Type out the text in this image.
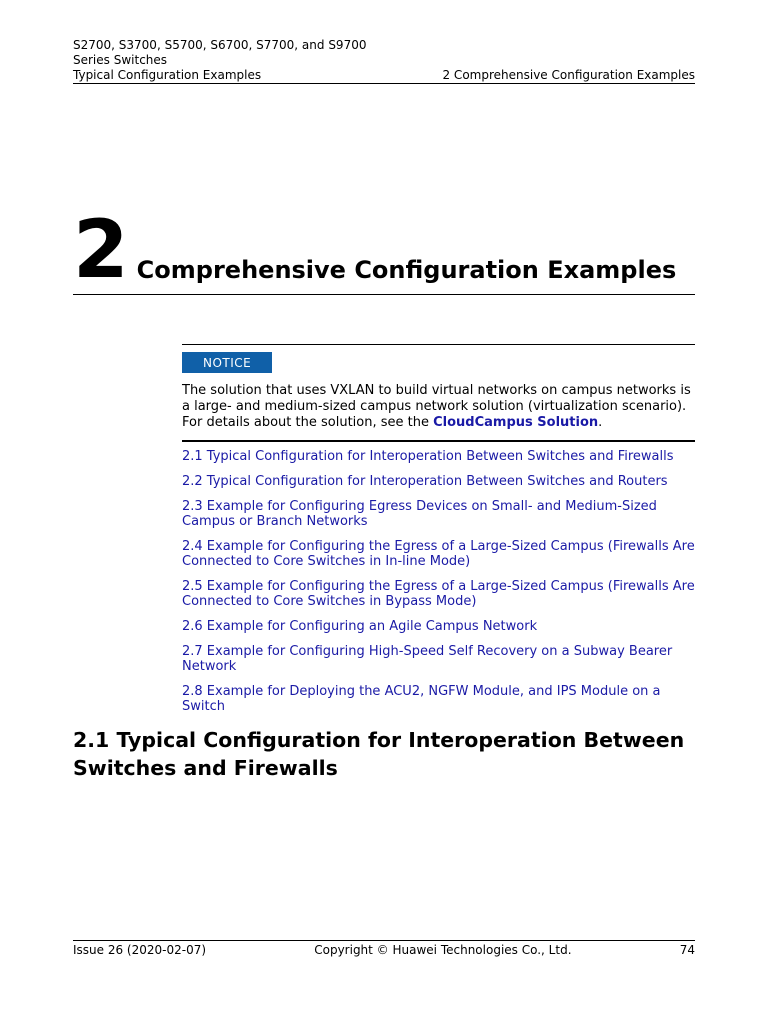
S2700, S3700, S5700, S6700, S7700, and S9700
Series Switches
Typical Configuration Examples	2 Comprehensive Configuration Examples
2 Comprehensive Configuration Examples
NOTICE
The solution that uses VXLAN to build virtual networks on campus networks is a large- and medium-sized campus network solution (virtualization scenario). For details about the solution, see the CloudCampus Solution.
2.1 Typical Configuration for Interoperation Between Switches and Firewalls
2.2 Typical Configuration for Interoperation Between Switches and Routers
2.3 Example for Configuring Egress Devices on Small- and Medium-Sized Campus or Branch Networks
2.4 Example for Configuring the Egress of a Large-Sized Campus (Firewalls Are Connected to Core Switches in In-line Mode)
2.5 Example for Configuring the Egress of a Large-Sized Campus (Firewalls Are Connected to Core Switches in Bypass Mode)
2.6 Example for Configuring an Agile Campus Network
2.7 Example for Configuring High-Speed Self Recovery on a Subway Bearer Network
2.8 Example for Deploying the ACU2, NGFW Module, and IPS Module on a Switch
2.1 Typical Configuration for Interoperation Between Switches and Firewalls
Issue 26 (2020-02-07)	Copyright © Huawei Technologies Co., Ltd.	74
